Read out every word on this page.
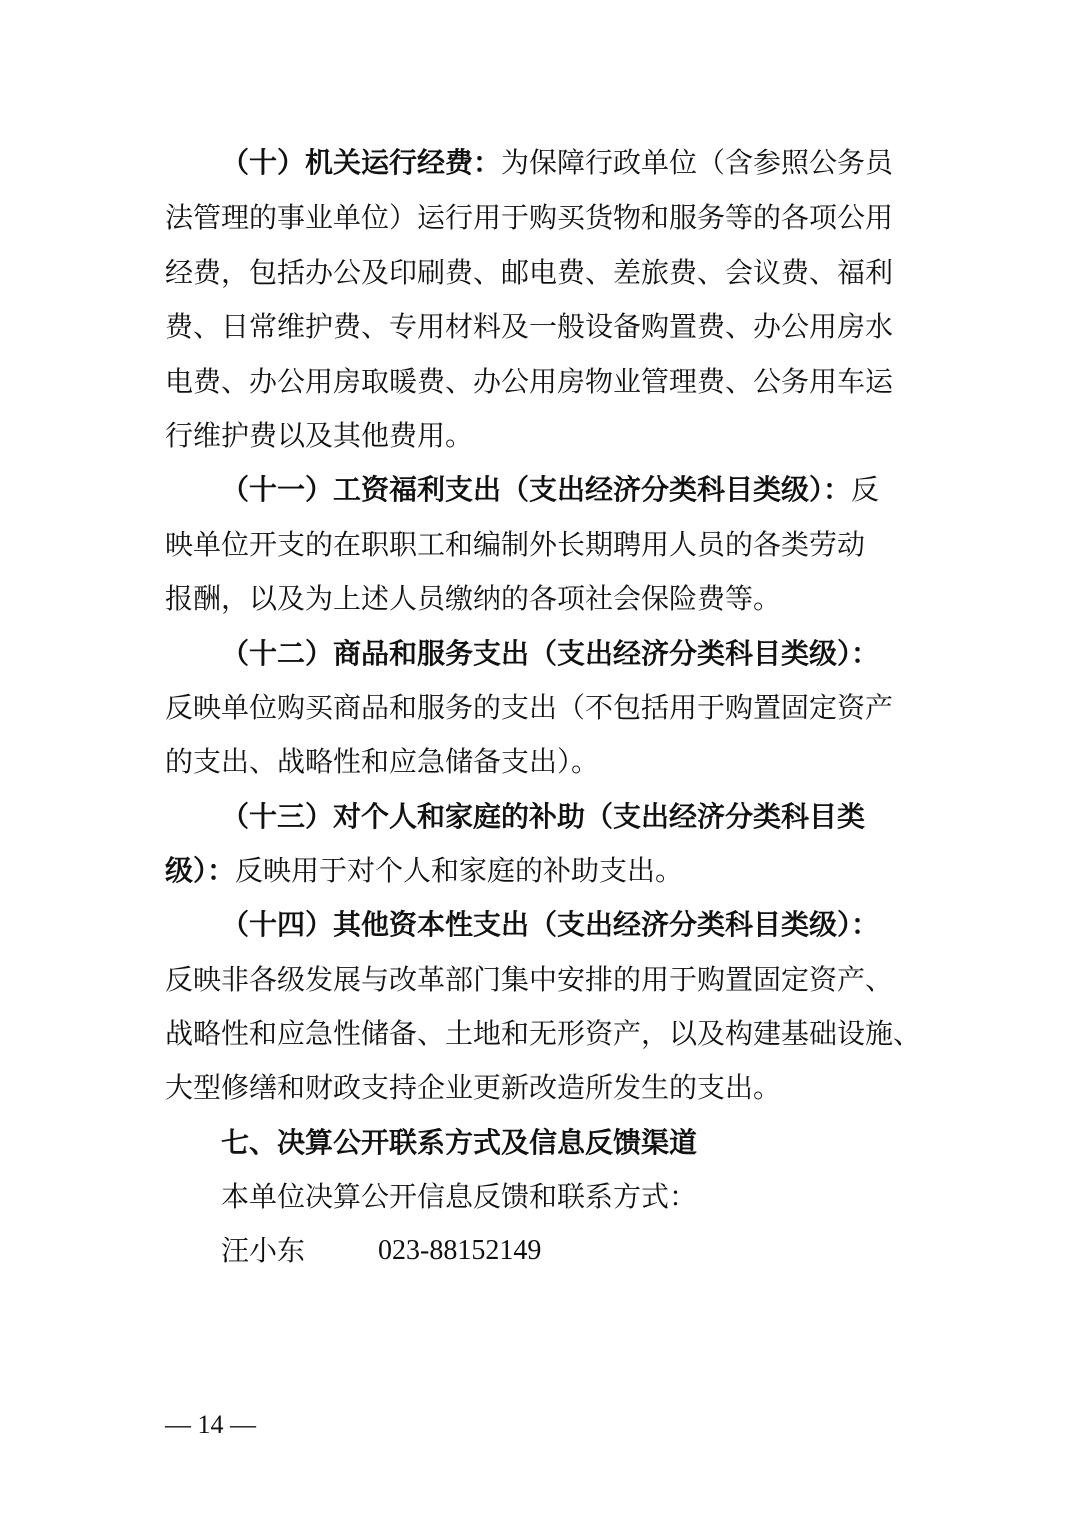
（十）机关运行经费：为保障行政单位（含参照公务员
法管理的事业单位）运行用于购买货物和服务等的各项公用
经费，包括办公及印刷费、邮电费、差旅费、会议费、福利
费、日常维护费、专用材料及一般设备购置费、办公用房水
电费、办公用房取暖费、办公用房物业管理费、公务用车运
行维护费以及其他费用。
（十一）工资福利支出（支出经济分类科目类级）：反
映单位开支的在职职工和编制外长期聘用人员的各类劳动
报酬，以及为上述人员缴纳的各项社会保险费等。
（十二）商品和服务支出（支出经济分类科目类级）：
反映单位购买商品和服务的支出（不包括用于购置固定资产
的支出、战略性和应急储备支出）。
（十三）对个人和家庭的补助（支出经济分类科目类
级）：反映用于对个人和家庭的补助支出。
（十四）其他资本性支出（支出经济分类科目类级）：
反映非各级发展与改革部门集中安排的用于购置固定资产、
战略性和应急性储备、土地和无形资产，以及构建基础设施、
大型修缮和财政支持企业更新改造所发生的支出。
七、决算公开联系方式及信息反馈渠道
本单位决算公开信息反馈和联系方式：
汪小东	023-88152149
— 14 —
